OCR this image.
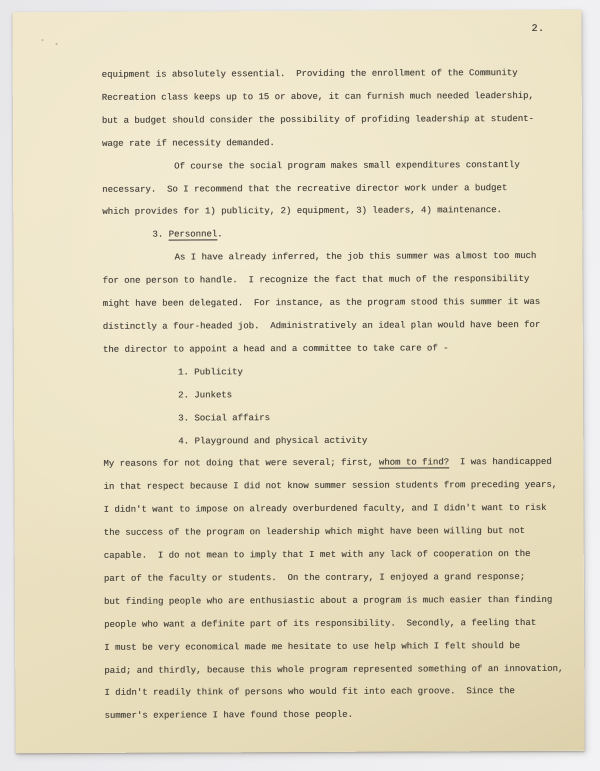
2.
equipment is absolutely essential.  Providing the enrollment of the Community
Recreation class keeps up to 15 or above, it can furnish much needed leadership,
but a budget should consider the possibility of profiding leadership at student-
wage rate if necessity demanded.
Of course the social program makes small expenditures constantly
necessary.  So I recommend that the recreative director work under a budget
which provides for 1) publicity, 2) equipment, 3) leaders, 4) maintenance.
3. Personnel.
As I have already inferred, the job this summer was almost too much
for one person to handle.  I recognize the fact that much of the responsibility
might have been delegated.  For instance, as the program stood this summer it was
distinctly a four-headed job.  Administratively an ideal plan would have been for
the director to appoint a head and a committee to take care of -
1. Publicity
2. Junkets
3. Social affairs
4. Playground and physical activity
My reasons for not doing that were several; first, whom to find?  I was handicapped
in that respect because I did not know summer session students from preceding years,
I didn't want to impose on already overburdened faculty, and I didn't want to risk
the success of the program on leadership which might have been willing but not
capable.  I do not mean to imply that I met with any lack of cooperation on the
part of the faculty or students.  On the contrary, I enjoyed a grand response;
but finding people who are enthusiastic about a program is much easier than finding
people who want a definite part of its responsibility.  Secondly, a feeling that
I must be very economical made me hesitate to use help which I felt should be
paid; and thirdly, because this whole program represented something of an innovation,
I didn't readily think of persons who would fit into each groove.  Since the
summer's experience I have found those people.
